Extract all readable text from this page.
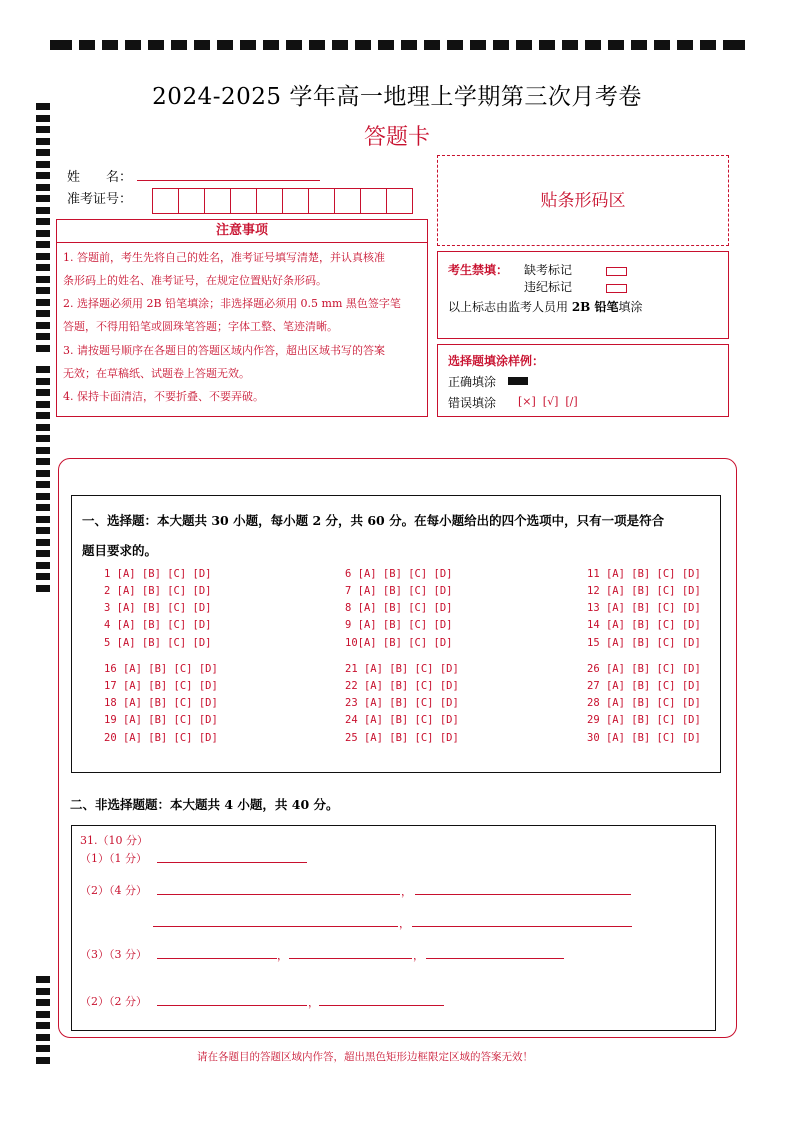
2024-2025 学年高一地理上学期第三次月考卷
答题卡
姓　　名：
准考证号：	贴条形码区
注意事项
1. 答题前，考生先将自己的姓名，准考证号填写清楚，并认真核准
条形码上的姓名、准考证号，在规定位置贴好条形码。
2. 选择题必须用 2B 铅笔填涂；非选择题必须用 0.5 mm 黑色签字笔
答题，不得用铅笔或圆珠笔答题；字体工整、笔迹清晰。
3. 请按题号顺序在各题目的答题区域内作答，超出区域书写的答案
无效；在草稿纸、试题卷上答题无效。
4. 保持卡面清洁，不要折叠、不要弄破。
考生禁填： 缺考标记
违纪标记
以上标志由监考人员用 2B 铅笔填涂
选择题填涂样例：
正确填涂
错误填涂 [×]  [√]  [/]
一、选择题：本大题共 30 小题，每小题 2 分，共 60 分。在每小题给出的四个选项中，只有一项是符合
题目要求的。
1 [A] [B] [C] [D]
2 [A] [B] [C] [D]
3 [A] [B] [C] [D]
4 [A] [B] [C] [D]
5 [A] [B] [C] [D]
6 [A] [B] [C] [D]
7 [A] [B] [C] [D]
8 [A] [B] [C] [D]
9 [A] [B] [C] [D]
10[A] [B] [C] [D]
11 [A] [B] [C] [D]
12 [A] [B] [C] [D]
13 [A] [B] [C] [D]
14 [A] [B] [C] [D]
15 [A] [B] [C] [D]
16 [A] [B] [C] [D]
17 [A] [B] [C] [D]
18 [A] [B] [C] [D]
19 [A] [B] [C] [D]
20 [A] [B] [C] [D]
21 [A] [B] [C] [D]
22 [A] [B] [C] [D]
23 [A] [B] [C] [D]
24 [A] [B] [C] [D]
25 [A] [B] [C] [D]
26 [A] [B] [C] [D]
27 [A] [B] [C] [D]
28 [A] [B] [C] [D]
29 [A] [B] [C] [D]
30 [A] [B] [C] [D]
二、非选择题题：本大题共 4 小题，共 40 分。
31.（10 分）
（1）（1 分）
（2）（4 分）	，
，
（3）（3 分）	，	，
（2）（2 分）	，
请在各题目的答题区域内作答，超出黑色矩形边框限定区域的答案无效！
